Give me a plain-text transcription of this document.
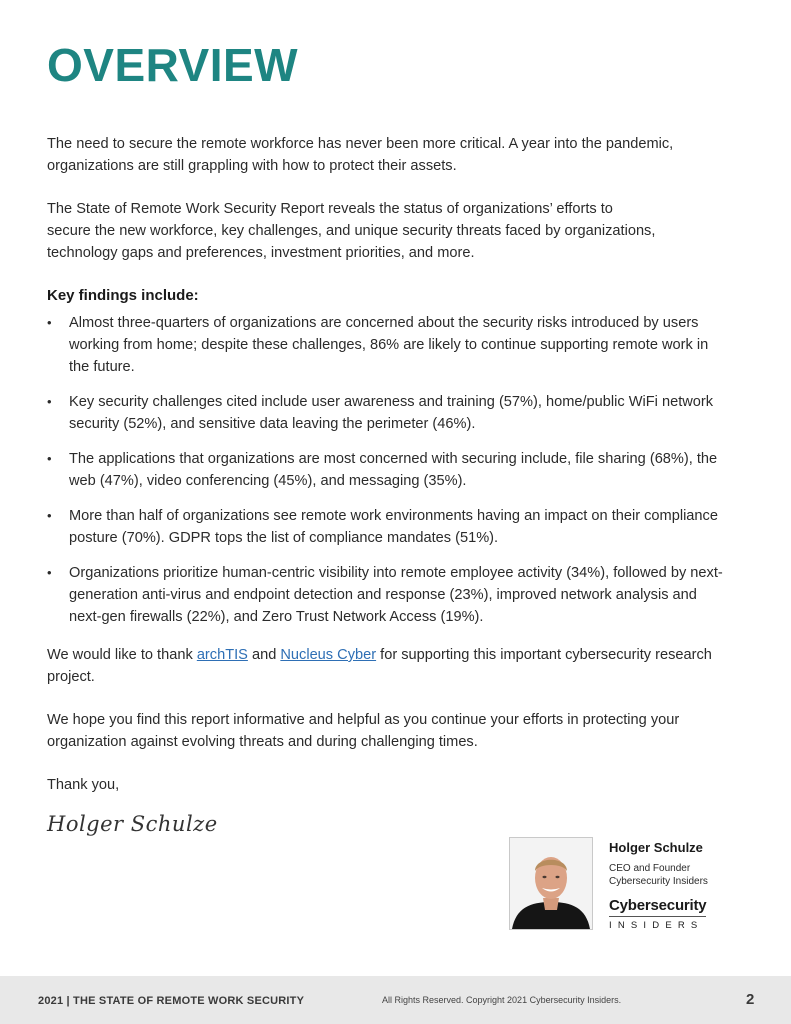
OVERVIEW

The need to secure the remote workforce has never been more critical. A year into the pandemic, organizations are still grappling with how to protect their assets.

The State of Remote Work Security Report reveals the status of organizations’ efforts to
secure the new workforce, key challenges, and unique security threats faced by organizations,
technology gaps and preferences, investment priorities, and more.

Key findings include:
• Almost three-quarters of organizations are concerned about the security risks introduced by users working from home; despite these challenges, 86% are likely to continue supporting remote work in the future.
• Key security challenges cited include user awareness and training (57%), home/public WiFi network security (52%), and sensitive data leaving the perimeter (46%).
• The applications that organizations are most concerned with securing include, file sharing (68%), the web (47%), video conferencing (45%), and messaging (35%).
• More than half of organizations see remote work environments having an impact on their compliance posture (70%). GDPR tops the list of compliance mandates (51%).
• Organizations prioritize human-centric visibility into remote employee activity (34%), followed by next-generation anti-virus and endpoint detection and response (23%), improved network analysis and next-gen firewalls (22%), and Zero Trust Network Access (19%).

We would like to thank archTIS and Nucleus Cyber for supporting this important cybersecurity research project.

We hope you find this report informative and helpful as you continue your efforts in protecting your organization against evolving threats and during challenging times.

Thank you,

Holger Schulze
Holger Schulze
CEO and Founder
Cybersecurity Insiders
Cybersecurity
INSIDERS
2021 | THE STATE OF REMOTE WORK SECURITY	All Rights Reserved. Copyright 2021 Cybersecurity Insiders.	2
